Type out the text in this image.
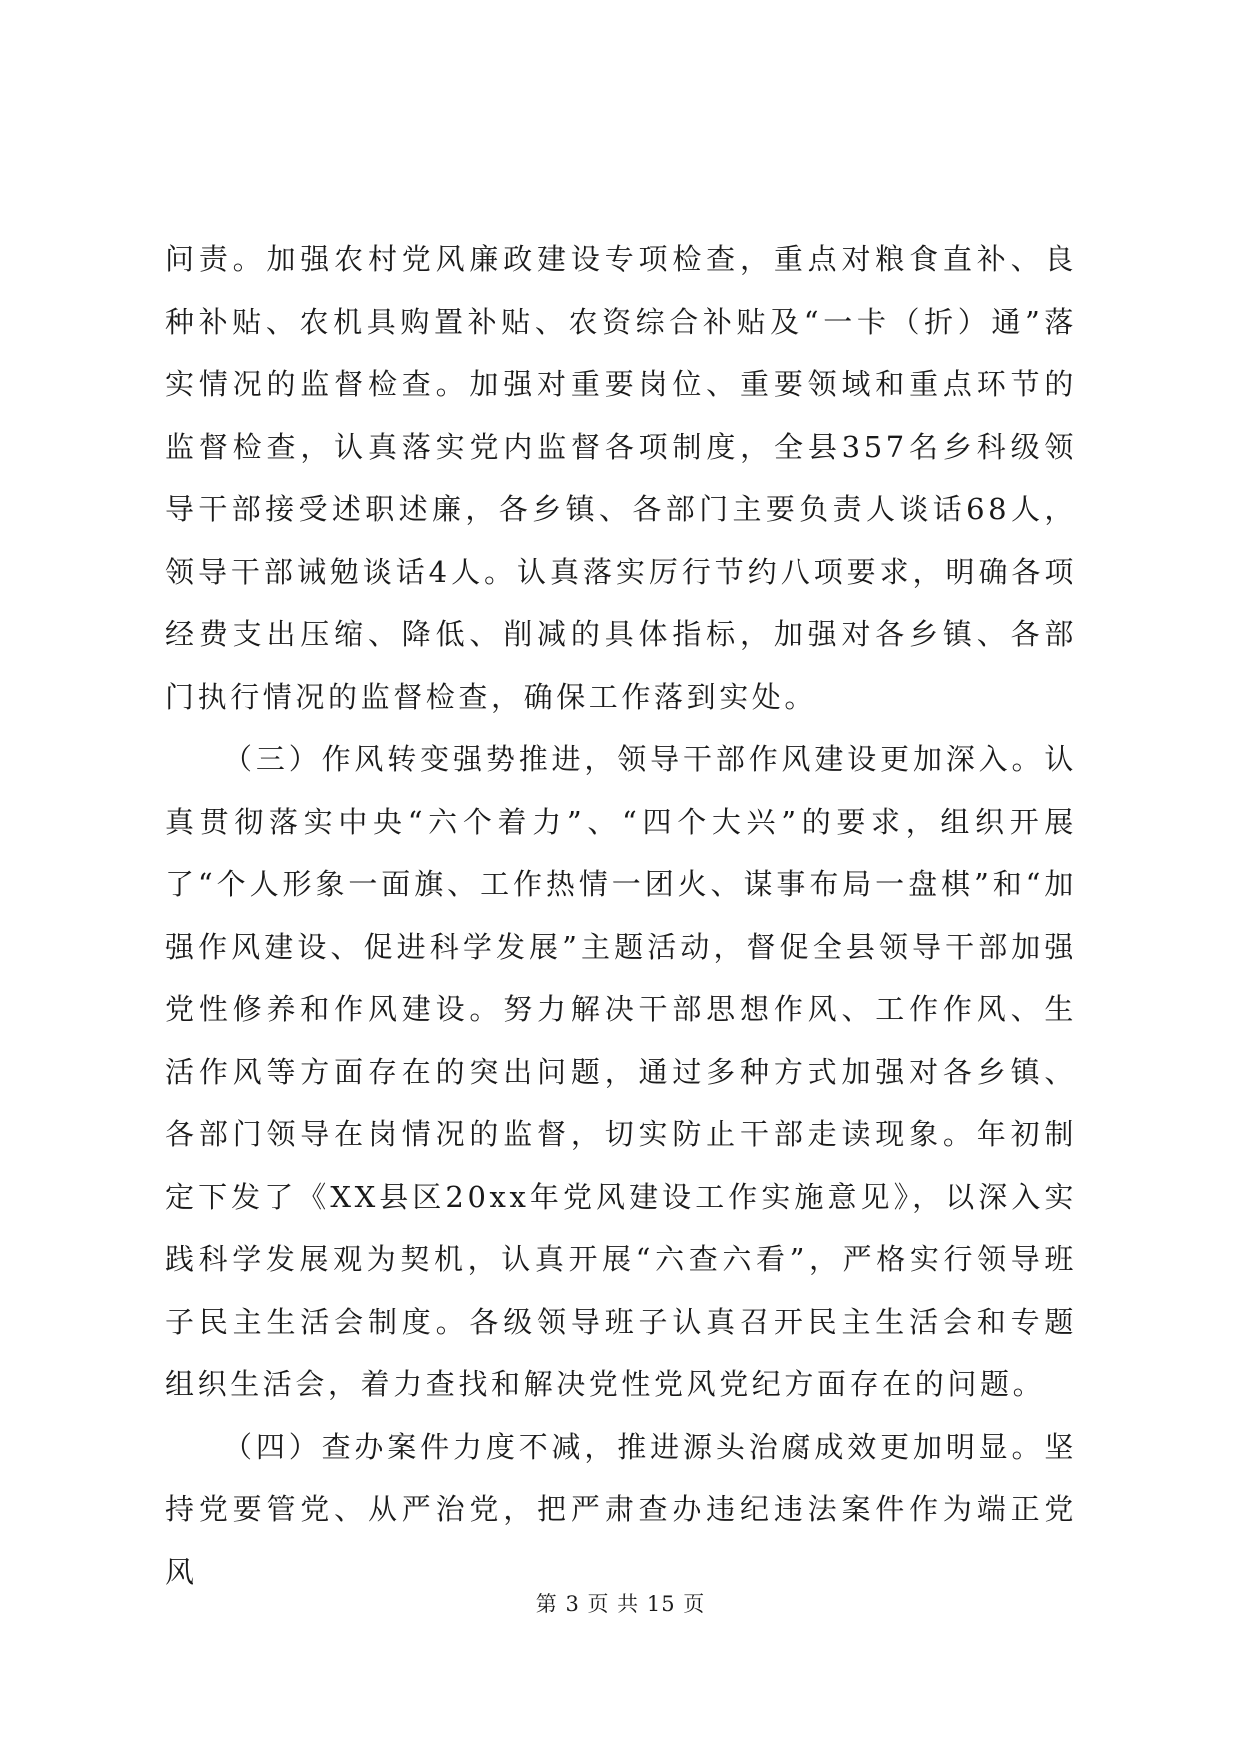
问责。加强农村党风廉政建设专项检查，重点对粮食直补、良种补贴、农机具购置补贴、农资综合补贴及“一卡（折）通”落实情况的监督检查。加强对重要岗位、重要领域和重点环节的监督检查，认真落实党内监督各项制度，全县357名乡科级领导干部接受述职述廉，各乡镇、各部门主要负责人谈话68人，领导干部诫勉谈话4人。认真落实厉行节约八项要求，明确各项经费支出压缩、降低、削减的具体指标，加强对各乡镇、各部门执行情况的监督检查，确保工作落到实处。

（三）作风转变强势推进，领导干部作风建设更加深入。认真贯彻落实中央“六个着力”、“四个大兴”的要求，组织开展了“个人形象一面旗、工作热情一团火、谋事布局一盘棋”和“加强作风建设、促进科学发展”主题活动，督促全县领导干部加强党性修养和作风建设。努力解决干部思想作风、工作作风、生活作风等方面存在的突出问题，通过多种方式加强对各乡镇、各部门领导在岗情况的监督，切实防止干部走读现象。年初制定下发了《XX县区20xx年党风建设工作实施意见》，以深入实践科学发展观为契机，认真开展“六查六看”，严格实行领导班子民主生活会制度。各级领导班子认真召开民主生活会和专题组织生活会，着力查找和解决党性党风党纪方面存在的问题。

（四）查办案件力度不减，推进源头治腐成效更加明显。坚持党要管党、从严治党，把严肃查办违纪违法案件作为端正党风

第 3 页 共 15 页
